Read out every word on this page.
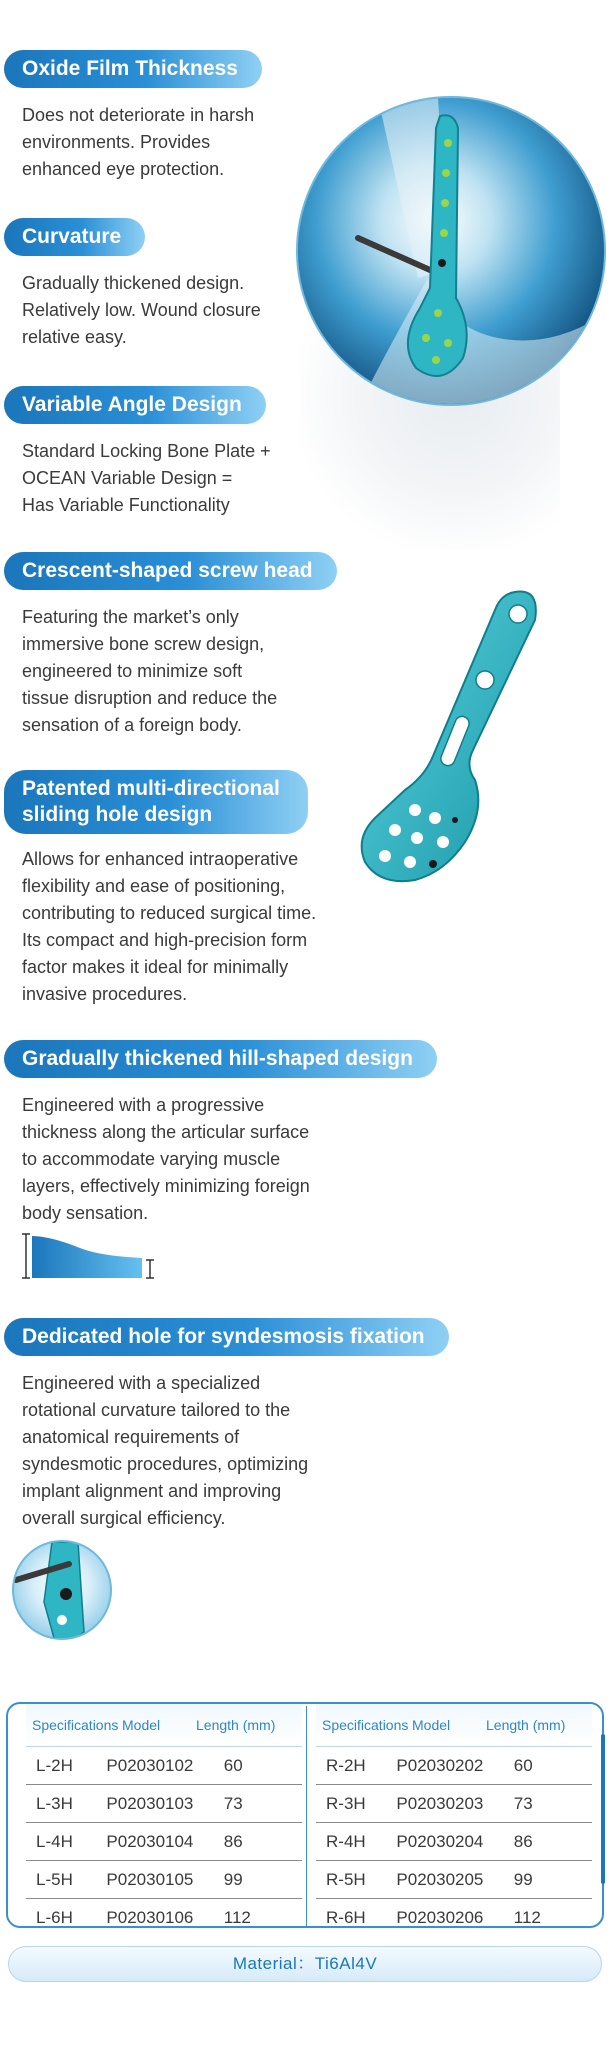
Oxide Film Thickness

Does not deteriorate in harsh
environments. Provides
enhanced eye protection.

Curvature

Gradually thickened design.
Relatively low. Wound closure
relative easy.

Variable Angle Design

Standard Locking Bone Plate +
OCEAN Variable Design =
Has Variable Functionality

Crescent-shaped screw head

Featuring the market’s only
immersive bone screw design,
engineered to minimize soft
tissue disruption and reduce the
sensation of a foreign body.

Patented multi-directional
sliding hole design

Allows for enhanced intraoperative
flexibility and ease of positioning,
contributing to reduced surgical time.
Its compact and high-precision form
factor makes it ideal for minimally
invasive procedures.

Gradually thickened hill-shaped design

Engineered with a progressive
thickness along the articular surface
to accommodate varying muscle
layers, effectively minimizing foreign
body sensation.

Dedicated hole for syndesmosis fixation

Engineered with a specialized
rotational curvature tailored to the
anatomical requirements of
syndesmotic procedures, optimizing
implant alignment and improving
overall surgical efficiency.

Specifications Model	Length (mm)
L-2H	P02030102	60
L-3H	P02030103	73
L-4H	P02030104	86
L-5H	P02030105	99
L-6H	P02030106	112
Specifications Model	Length (mm)
R-2H	P02030202	60
R-3H	P02030203	73
R-4H	P02030204	86
R-5H	P02030205	99
R-6H	P02030206	112
Material：Ti6Al4V
